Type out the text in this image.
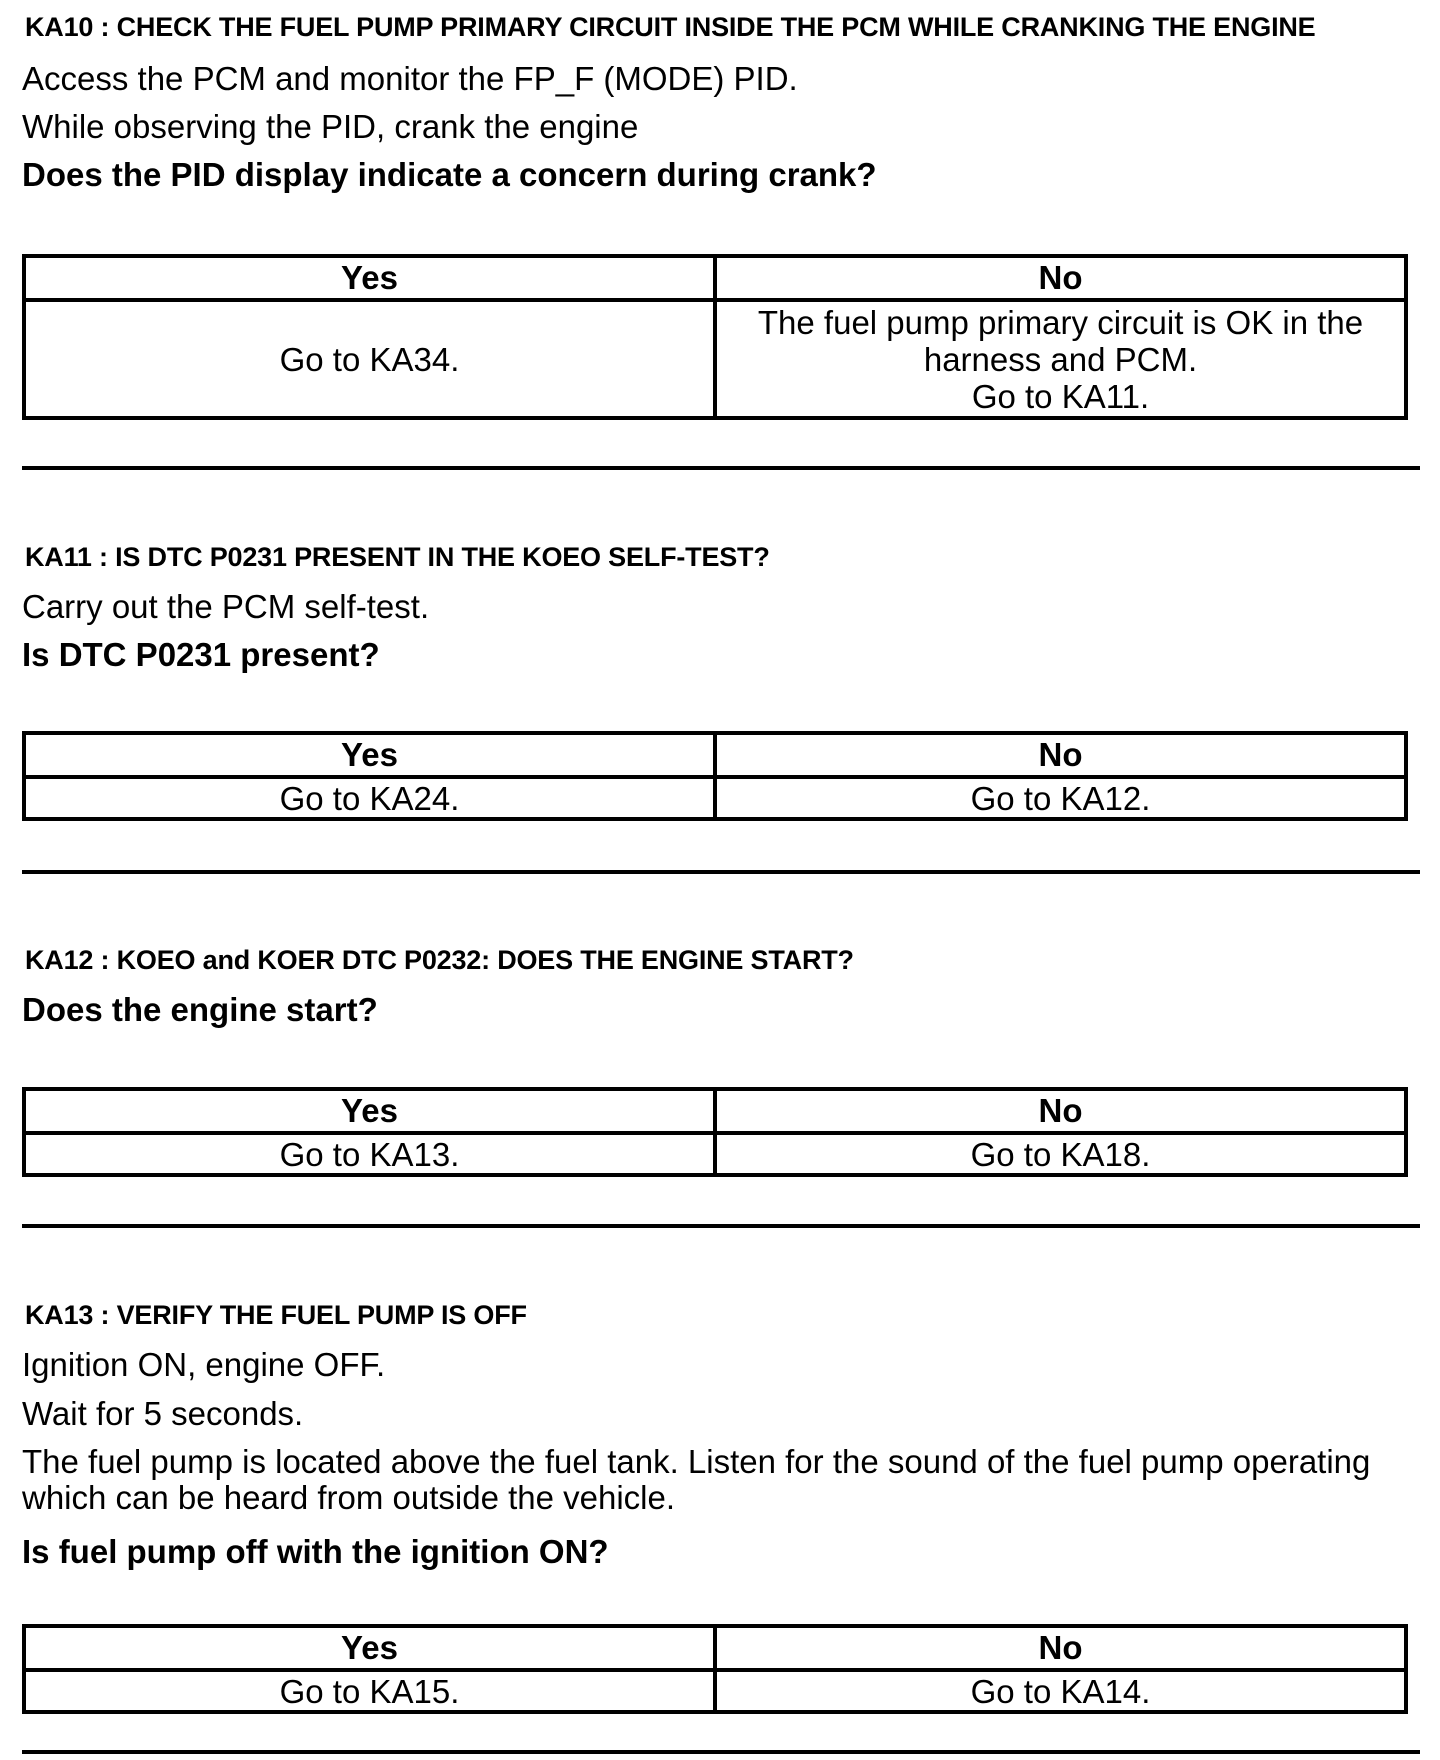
KA10 : CHECK THE FUEL PUMP PRIMARY CIRCUIT INSIDE THE PCM WHILE CRANKING THE ENGINE
Access the PCM and monitor the FP_F (MODE) PID.
While observing the PID, crank the engine
Does the PID display indicate a concern during crank?
Yes	No

Go to KA34.	The fuel pump primary circuit is OK in the
harness and PCM.
Go to KA11.
KA11 : IS DTC P0231 PRESENT IN THE KOEO SELF-TEST?
Carry out the PCM self-test.
Is DTC P0231 present?
Yes	No

Go to KA24.	Go to KA12.
KA12 : KOEO and KOER DTC P0232: DOES THE ENGINE START?
Does the engine start?
Yes	No

Go to KA13.	Go to KA18.
KA13 : VERIFY THE FUEL PUMP IS OFF
Ignition ON, engine OFF.
Wait for 5 seconds.
The fuel pump is located above the fuel tank. Listen for the sound of the fuel pump operating which can be heard from outside the vehicle.
Is fuel pump off with the ignition ON?
Yes	No

Go to KA15.	Go to KA14.
